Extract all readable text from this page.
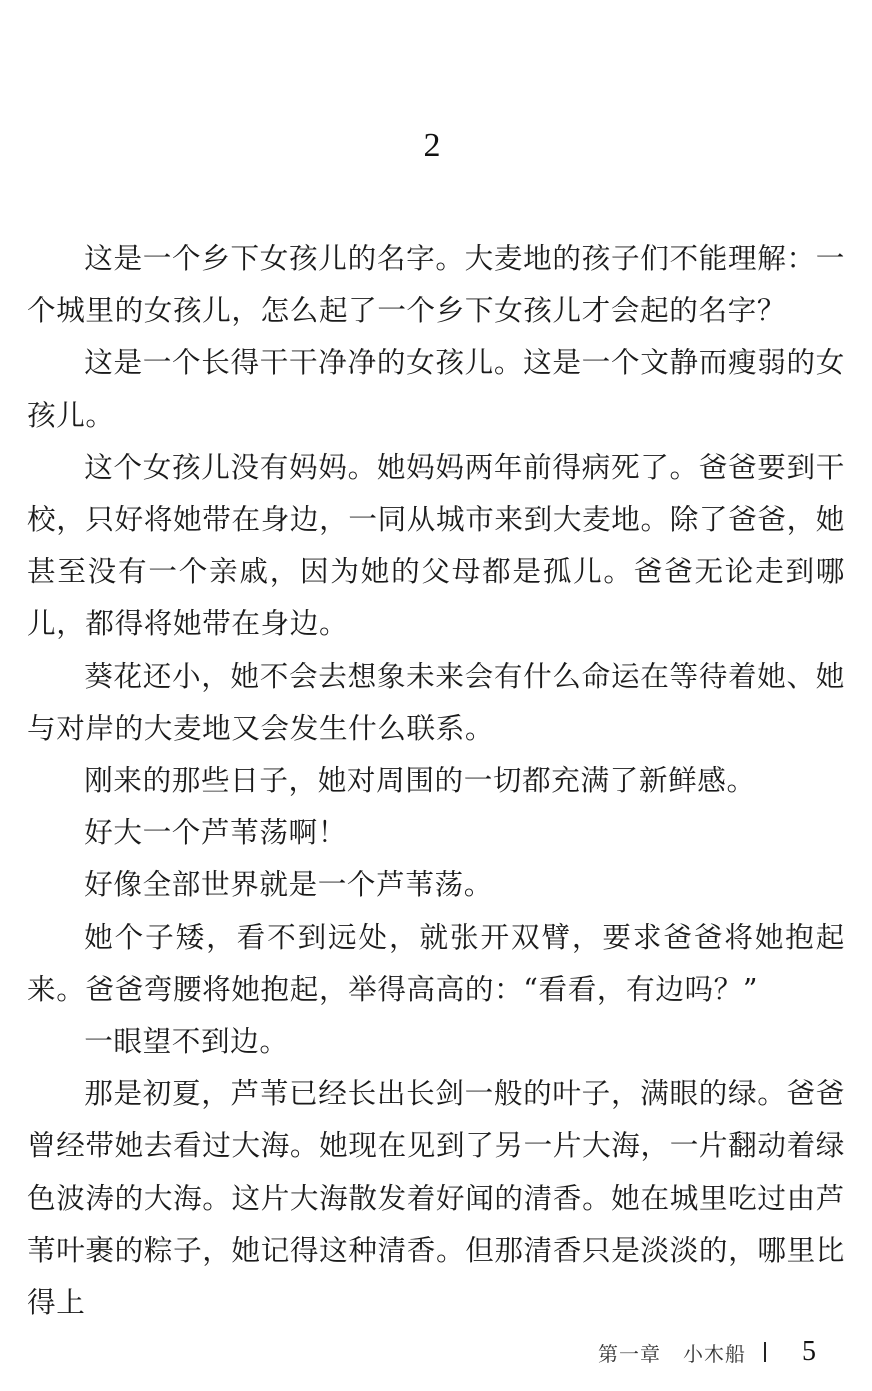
2

这是一个乡下女孩儿的名字。大麦地的孩子们不能理解：一个城里的女孩儿，怎么起了一个乡下女孩儿才会起的名字？

这是一个长得干干净净的女孩儿。这是一个文静而瘦弱的女孩儿。

这个女孩儿没有妈妈。她妈妈两年前得病死了。爸爸要到干校，只好将她带在身边，一同从城市来到大麦地。除了爸爸，她甚至没有一个亲戚，因为她的父母都是孤儿。爸爸无论走到哪儿，都得将她带在身边。

葵花还小，她不会去想象未来会有什么命运在等待着她、她与对岸的大麦地又会发生什么联系。

刚来的那些日子，她对周围的一切都充满了新鲜感。

好大一个芦苇荡啊！

好像全部世界就是一个芦苇荡。

她个子矮，看不到远处，就张开双臂，要求爸爸将她抱起来。爸爸弯腰将她抱起，举得高高的：“看看，有边吗？”

一眼望不到边。

那是初夏，芦苇已经长出长剑一般的叶子，满眼的绿。爸爸曾经带她去看过大海。她现在见到了另一片大海，一片翻动着绿色波涛的大海。这片大海散发着好闻的清香。她在城里吃过由芦苇叶裹的粽子，她记得这种清香。但那清香只是淡淡的，哪里比得上

第一章 小木船 5
